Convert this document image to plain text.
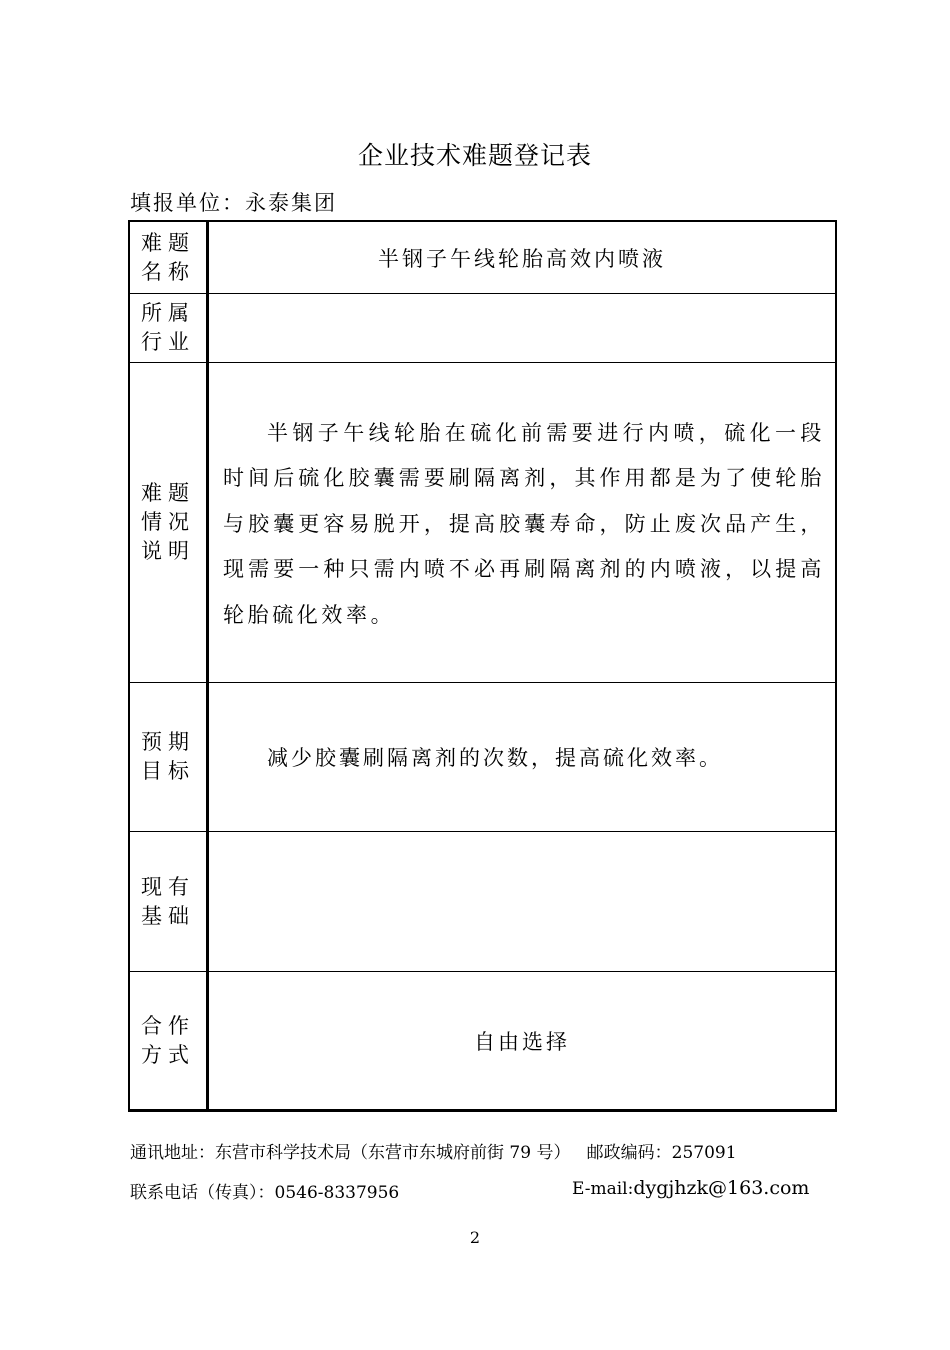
企业技术难题登记表
填报单位：永泰集团
难题
名称	半钢子午线轮胎高效内喷液

所属
行业	

难题
情况
说明	半钢子午线轮胎在硫化前需要进行内喷，硫化一段时间后硫化胶囊需要刷隔离剂，其作用都是为了使轮胎与胶囊更容易脱开，提高胶囊寿命，防止废次品产生，现需要一种只需内喷不必再刷隔离剂的内喷液，以提高轮胎硫化效率。

预期
目标	减少胶囊刷隔离剂的次数，提高硫化效率。

现有
基础	

合作
方式	自由选择
通讯地址：东营市科学技术局（东营市东城府前街 79 号）   邮政编码：257091
联系电话（传真）：0546-8337956	E-mail:dygjhzk@163.com
2
